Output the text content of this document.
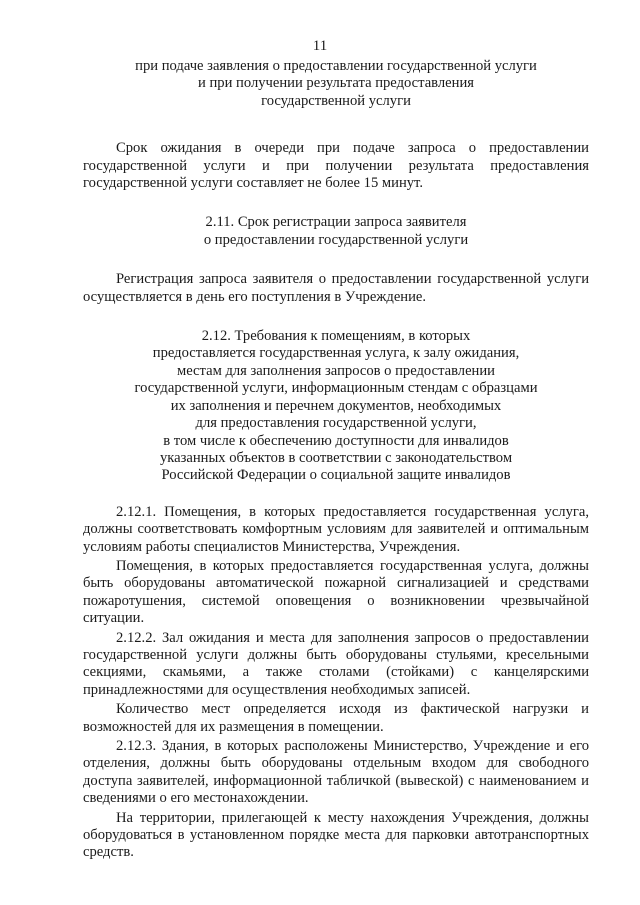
11
при подаче заявления о предоставлении государственной услуги
и при получении результата предоставления
государственной услуги

Срок ожидания в очереди при подаче запроса о предоставлении государственной услуги и при получении результата предоставления государственной услуги составляет не более 15 минут.

2.11. Срок регистрации запроса заявителя
о предоставлении государственной услуги

Регистрация запроса заявителя о предоставлении государственной услуги осуществляется в день его поступления в Учреждение.

2.12. Требования к помещениям, в которых
предоставляется государственная услуга, к залу ожидания,
местам для заполнения запросов о предоставлении
государственной услуги, информационным стендам с образцами
их заполнения и перечнем документов, необходимых
для предоставления государственной услуги,
в том числе к обеспечению доступности для инвалидов
указанных объектов в соответствии с законодательством
Российской Федерации о социальной защите инвалидов

2.12.1. Помещения, в которых предоставляется государственная услуга, должны соответствовать комфортным условиям для заявителей и оптимальным условиям работы специалистов Министерства, Учреждения.

Помещения, в которых предоставляется государственная услуга, должны быть оборудованы автоматической пожарной сигнализацией и средствами пожаротушения, системой оповещения о возникновении чрезвычайной ситуации.

2.12.2. Зал ожидания и места для заполнения запросов о предоставлении государственной услуги должны быть оборудованы стульями, кресельными секциями, скамьями, а также столами (стойками) с канцелярскими принадлежностями для осуществления необходимых записей.

Количество мест определяется исходя из фактической нагрузки и возможностей для их размещения в помещении.

2.12.3. Здания, в которых расположены Министерство, Учреждение и его отделения, должны быть оборудованы отдельным входом для свободного доступа заявителей, информационной табличкой (вывеской) с наименованием и сведениями о его местонахождении.

На территории, прилегающей к месту нахождения Учреждения, должны оборудоваться в установленном порядке места для парковки автотранспортных средств.
